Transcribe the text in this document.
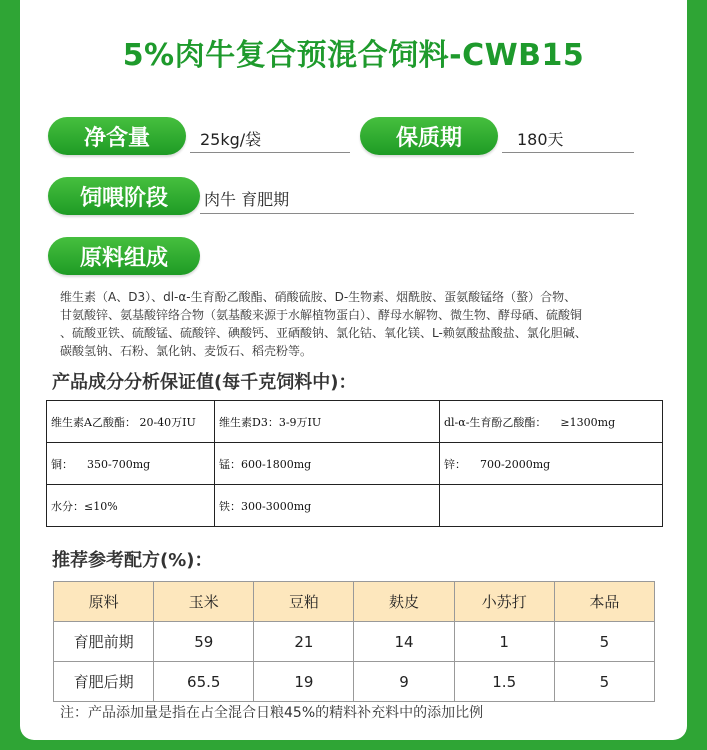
5%肉牛复合预混合饲料-CWB15
净含量	25kg/袋	保质期	180天
饲喂阶段	肉牛 育肥期
原料组成
维生素（A、D3）、dl-α-生育酚乙酸酯、硝酸硫胺、D-生物素、烟酰胺、蛋氨酸锰络（螯）合物、
甘氨酸锌、氨基酸锌络合物（氨基酸来源于水解植物蛋白）、酵母水解物、微生物、酵母硒、硫酸铜
、硫酸亚铁、硫酸锰、硫酸锌、碘酸钙、亚硒酸钠、氯化钴、氧化镁、L-赖氨酸盐酸盐、氯化胆碱、
碳酸氢钠、石粉、氯化钠、麦饭石、稻壳粉等。
产品成分分析保证值(每千克饲料中)：
维生素A乙酸酯： 20-40万IU	维生素D3：3-9万IU	dl-α-生育酚乙酸酯： ≥1300mg
铜： 350-700mg	锰：600-1800mg	锌： 700-2000mg
水分：≤10%	铁：300-3000mg	
推荐参考配方(%)：
原料	玉米	豆粕	麸皮	小苏打	本品
育肥前期	59	21	14	1	5
育肥后期	65.5	19	9	1.5	5

注：产品添加量是指在占全混合日粮45%的精料补充料中的添加比例
